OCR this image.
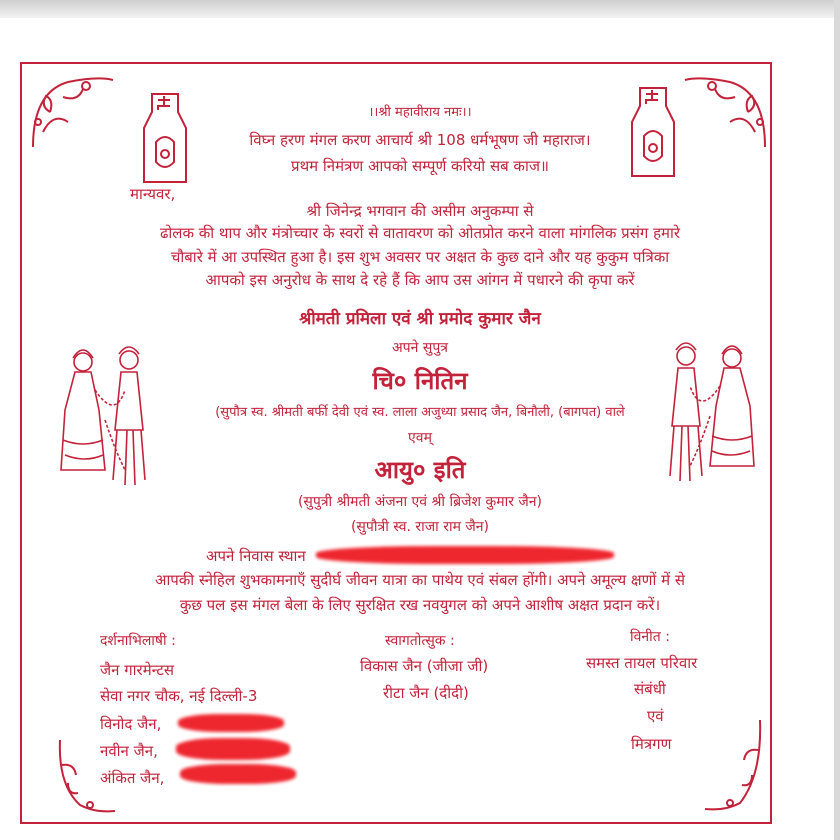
।।श्री महावीराय नमः।।
विघ्न हरण मंगल करण आचार्य श्री 108 धर्मभूषण जी महाराज।
प्रथम निमंत्रण आपको सम्पूर्ण करियो सब काज॥
मान्यवर,
श्री जिनेन्द्र भगवान की असीम अनुकम्पा से
ढोलक की थाप और मंत्रोच्चार के स्वरों से वातावरण को ओतप्रोत करने वाला मांगलिक प्रसंग हमारे
चौबारे में आ उपस्थित हुआ है। इस शुभ अवसर पर अक्षत के कुछ दाने और यह कुकुम पत्रिका
आपको इस अनुरोध के साथ दे रहे हैं कि आप उस आंगन में पधारने की कृपा करें
श्रीमती प्रमिला एवं श्री प्रमोद कुमार जैन
अपने सुपुत्र
चि० नितिन
(सुपौत्र स्व. श्रीमती बर्फी देवी एवं स्व. लाला अजुध्या प्रसाद जैन, बिनौली, (बागपत) वाले
एवम्
आयु० इति
(सुपुत्री श्रीमती अंजना एवं श्री ब्रिजेश कुमार जैन)
(सुपौत्री स्व. राजा राम जैन)
अपने निवास स्थान
आपकी स्नेहिल शुभकामनाएँ सुदीर्घ जीवन यात्रा का पाथेय एवं संबल होंगी। अपने अमूल्य क्षणों में से
कुछ पल इस मंगल बेला के लिए सुरक्षित रख नवयुगल को अपने आशीष अक्षत प्रदान करें।
दर्शनाभिलाषी :
जैन गारमेन्टस
सेवा नगर चौक, नई दिल्ली-3
विनोद जैन,
नवीन जैन,
अंकित जैन,
स्वागतोत्सुक :
विकास जैन (जीजा जी)
रीटा जैन (दीदी)
विनीत :
समस्त तायल परिवार
संबंधी
एवं
मित्रगण
